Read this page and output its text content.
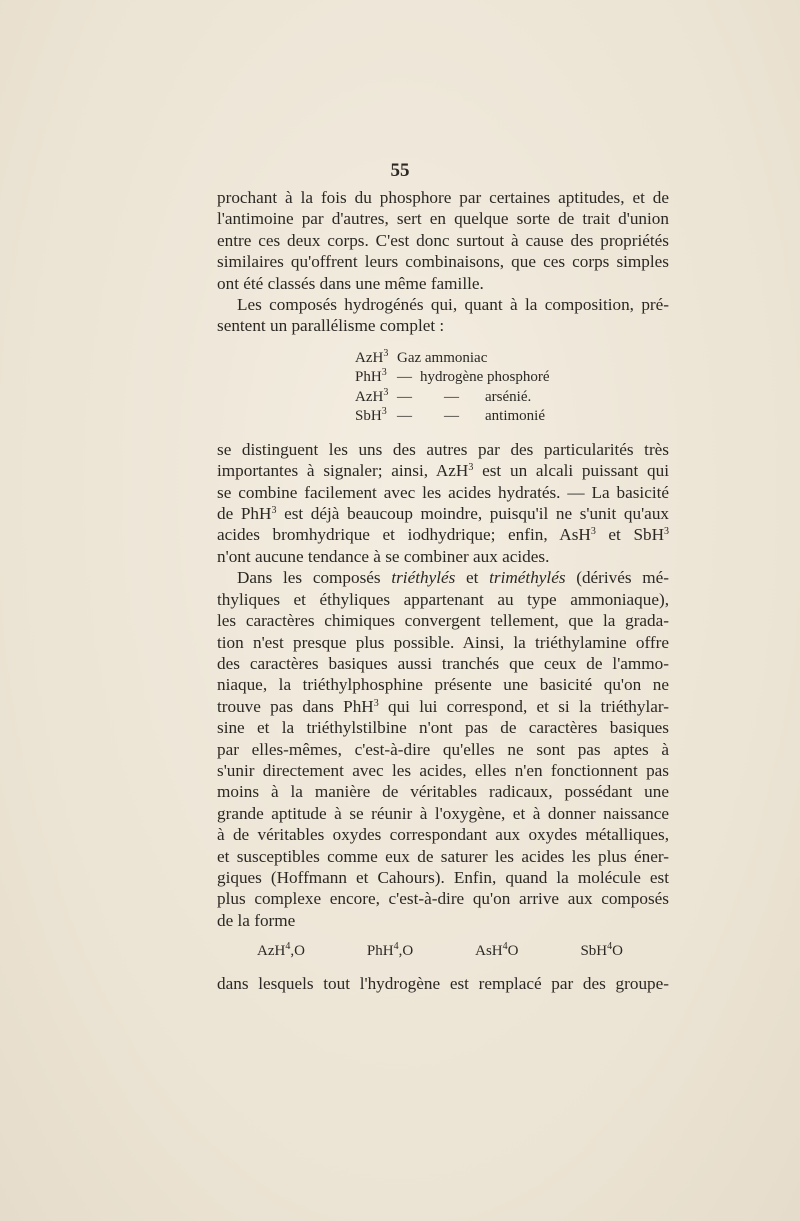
55

prochant à la fois du phosphore par certaines aptitudes, et de
l'antimoine par d'autres, sert en quelque sorte de trait d'union
entre ces deux corps. C'est donc surtout à cause des propriétés
similaires qu'offrent leurs combinaisons, que ces corps simples
ont été classés dans une même famille.

Les composés hydrogénés qui, quant à la composition, pré-
sentent un parallélisme complet :

AzH$^3$ Gaz ammoniac
PhH$^3$ — hydrogène phosphoré
AzH$^3$ —	—	arsénié.
SbH$^3$ —	—	antimonié

se distinguent les uns des autres par des particularités très
importantes à signaler; ainsi, AzH$^3$ est un alcali puissant qui
se combine facilement avec les acides hydratés. — La basicité
de PhH$^3$ est déjà beaucoup moindre, puisqu'il ne s'unit qu'aux
acides bromhydrique et iodhydrique; enfin, AsH$^3$ et SbH$^3$
n'ont aucune tendance à se combiner aux acides.

Dans les composés triéthylés et triméthylés (dérivés mé-
thyliques et éthyliques appartenant au type ammoniaque),
les caractères chimiques convergent tellement, que la grada-
tion n'est presque plus possible. Ainsi, la triéthylamine offre
des caractères basiques aussi tranchés que ceux de l'ammo-
niaque, la triéthylphosphine présente une basicité qu'on ne
trouve pas dans PhH$^3$ qui lui correspond, et si la triéthylar-
sine et la triéthylstilbine n'ont pas de caractères basiques
par elles-mêmes, c'est-à-dire qu'elles ne sont pas aptes à
s'unir directement avec les acides, elles n'en fonctionnent pas
moins à la manière de véritables radicaux, possédant une
grande aptitude à se réunir à l'oxygène, et à donner naissance
à de véritables oxydes correspondant aux oxydes métalliques,
et susceptibles comme eux de saturer les acides les plus éner-
giques (Hoffmann et Cahours). Enfin, quand la molécule est
plus complexe encore, c'est-à-dire qu'on arrive aux composés
de la forme

AzH$^4$,O	PhH$^4$,O	AsH$^4$O	SbH$^4$O

dans lesquels tout l'hydrogène est remplacé par des groupe-
